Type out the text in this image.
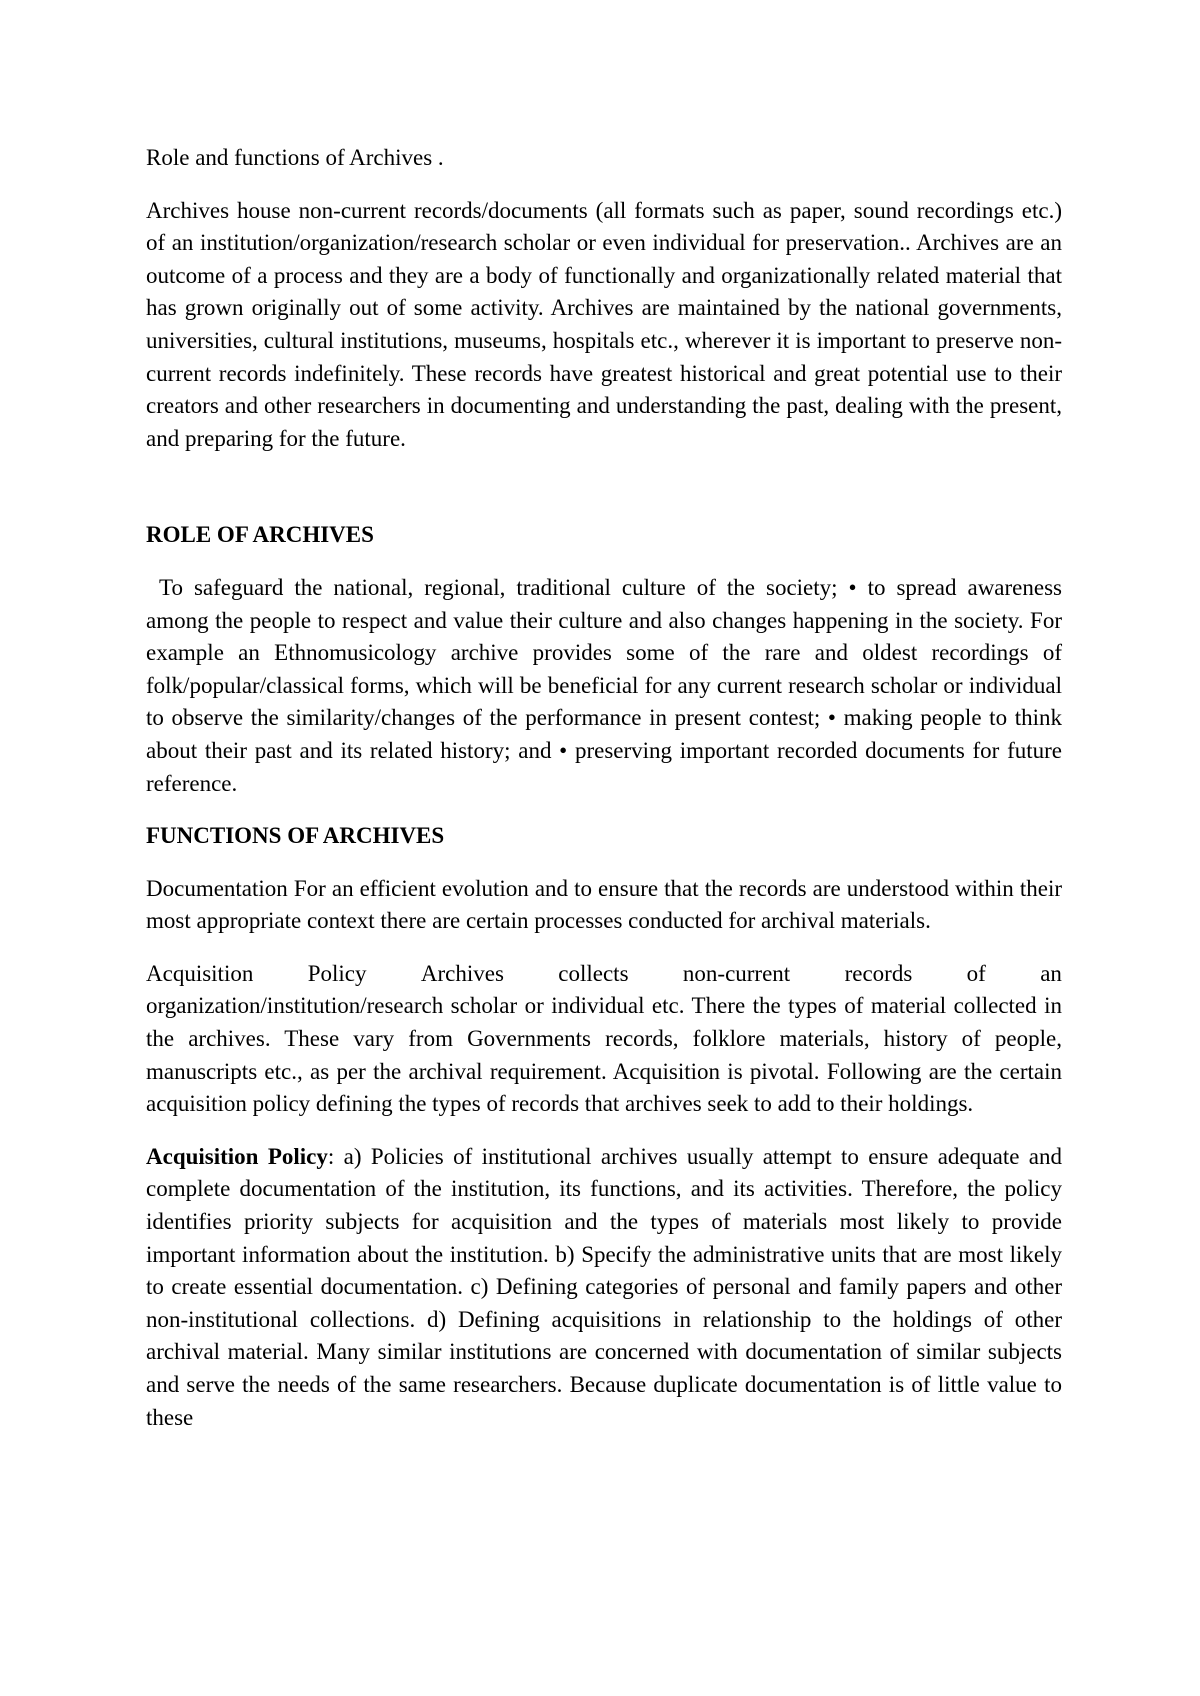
Role and functions of Archives .

Archives house non-current records/documents (all formats such as paper, sound recordings etc.) of an institution/organization/research scholar or even individual for preservation.. Archives are an outcome of a process and they are a body of functionally and organizationally related material that has grown originally out of some activity. Archives are maintained by the national governments, universities, cultural institutions, museums, hospitals etc., wherever it is important to preserve non-current records indefinitely. These records have greatest historical and great potential use to their creators and other researchers in documenting and understanding the past, dealing with the present, and preparing for the future.

ROLE OF ARCHIVES

To safeguard the national, regional, traditional culture of the society; • to spread awareness among the people to respect and value their culture and also changes happening in the society. For example an Ethnomusicology archive provides some of the rare and oldest recordings of folk/popular/classical forms, which will be beneficial for any current research scholar or individual to observe the similarity/changes of the performance in present contest; • making people to think about their past and its related history; and • preserving important recorded documents for future reference.

FUNCTIONS OF ARCHIVES

Documentation For an efficient evolution and to ensure that the records are understood within their most appropriate context there are certain processes conducted for archival materials.

Acquisition Policy Archives collects non-current records of an
organization/institution/research scholar or individual etc. There the types of material collected in the archives. These vary from Governments records, folklore materials, history of people, manuscripts etc., as per the archival requirement. Acquisition is pivotal. Following are the certain acquisition policy defining the types of records that archives seek to add to their holdings.

Acquisition Policy: a) Policies of institutional archives usually attempt to ensure adequate and complete documentation of the institution, its functions, and its activities. Therefore, the policy identifies priority subjects for acquisition and the types of materials most likely to provide important information about the institution. b) Specify the administrative units that are most likely to create essential documentation. c) Defining categories of personal and family papers and other non-institutional collections. d) Defining acquisitions in relationship to the holdings of other archival material. Many similar institutions are concerned with documentation of similar subjects and serve the needs of the same researchers. Because duplicate documentation is of little value to these
